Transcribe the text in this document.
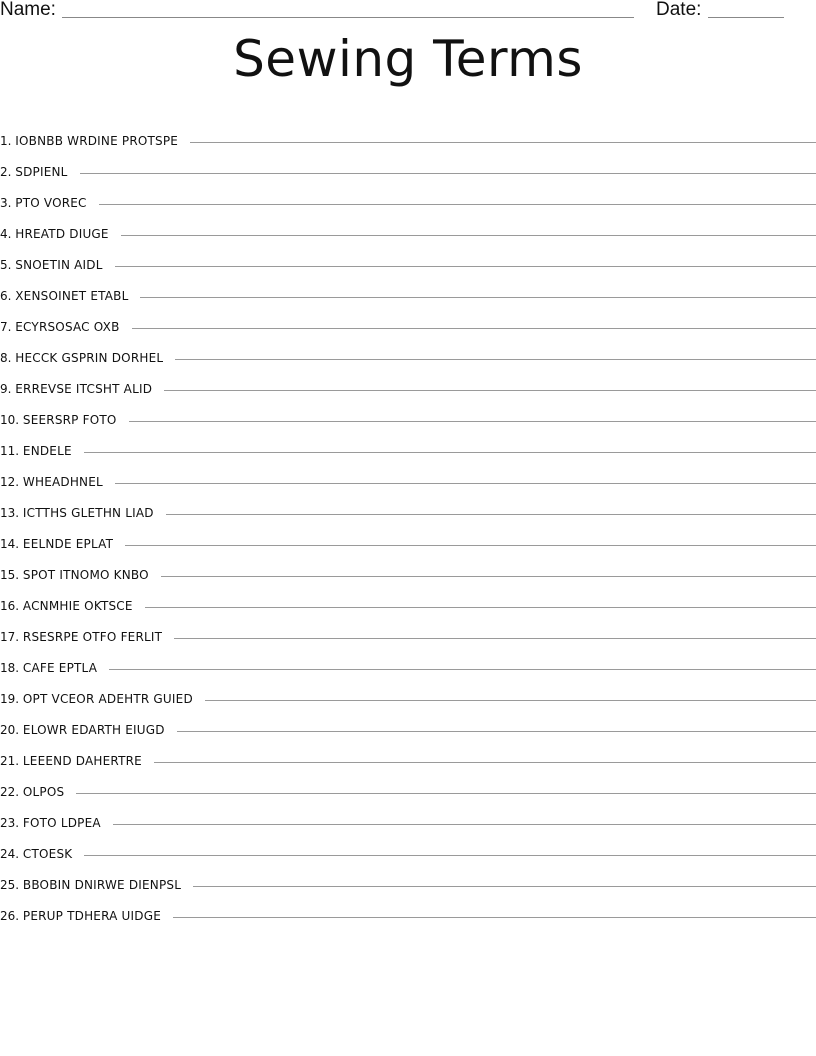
Name:	Date:
Sewing Terms
1. IOBNBB WRDINE PROTSPE
2. SDPIENL
3. PTO VOREC
4. HREATD DIUGE
5. SNOETIN AIDL
6. XENSOINET ETABL
7. ECYRSOSAC OXB
8. HECCK GSPRIN DORHEL
9. ERREVSE ITCSHT ALID
10. SEERSRP FOTO
11. ENDELE
12. WHEADHNEL
13. ICTTHS GLETHN LIAD
14. EELNDE EPLAT
15. SPOT ITNOMO KNBO
16. ACNMHIE OKTSCE
17. RSESRPE OTFO FERLIT
18. CAFE EPTLA
19. OPT VCEOR ADEHTR GUIED
20. ELOWR EDARTH EIUGD
21. LEEEND DAHERTRE
22. OLPOS
23. FOTO LDPEA
24. CTOESK
25. BBOBIN DNIRWE DIENPSL
26. PERUP TDHERA UIDGE
